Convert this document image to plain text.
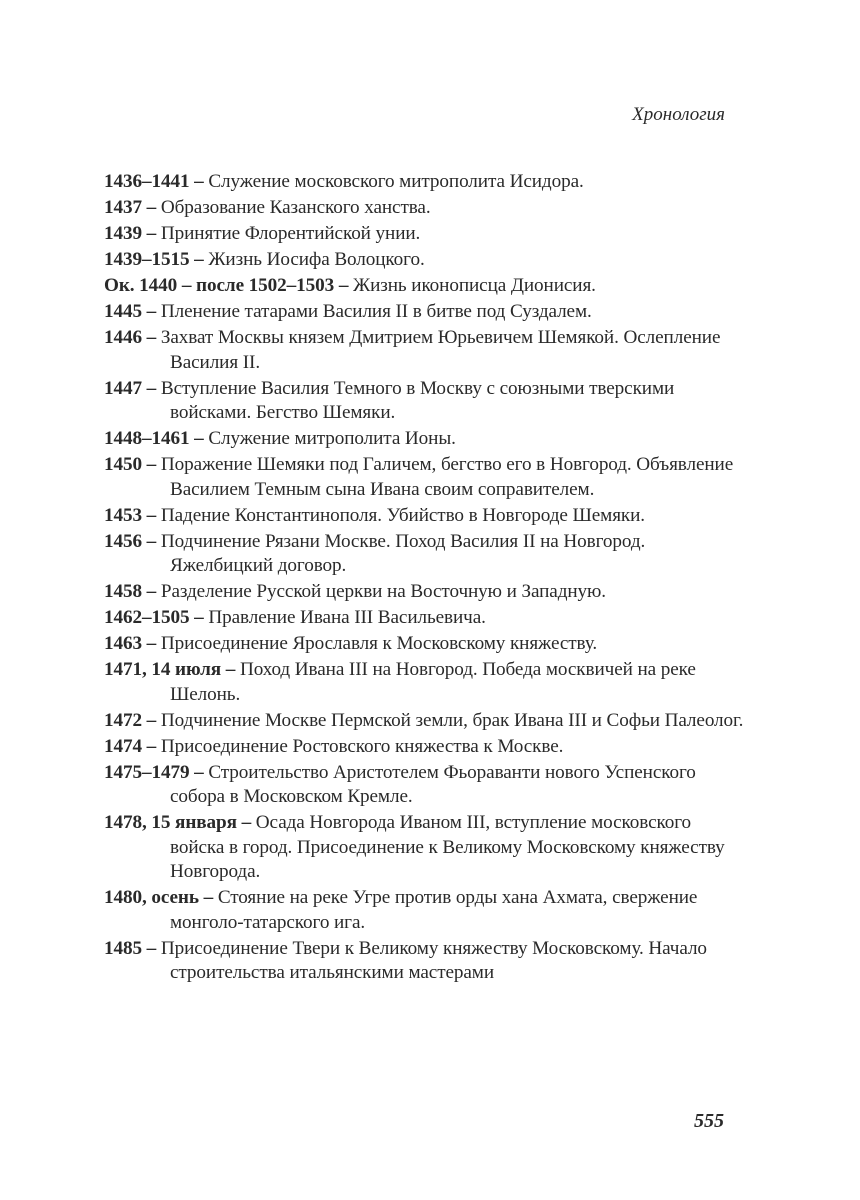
Хронология
1436–1441 – Служение московского митрополита Исидора.
1437 – Образование Казанского ханства.
1439 – Принятие Флорентийской унии.
1439–1515 – Жизнь Иосифа Волоцкого.
Ок. 1440 – после 1502–1503 – Жизнь иконописца Дионисия.
1445 – Пленение татарами Василия II в битве под Суздалем.
1446 – Захват Москвы князем Дмитрием Юрьевичем Шемякой. Ослепление Василия II.
1447 – Вступление Василия Темного в Москву с союзными тверскими войсками. Бегство Шемяки.
1448–1461 – Служение митрополита Ионы.
1450 – Поражение Шемяки под Галичем, бегство его в Новгород. Объявление Василием Темным сына Ивана своим соправителем.
1453 – Падение Константинополя. Убийство в Новгороде Шемяки.
1456 – Подчинение Рязани Москве. Поход Василия II на Новгород. Яжелбицкий договор.
1458 – Разделение Русской церкви на Восточную и Западную.
1462–1505 – Правление Ивана III Васильевича.
1463 – Присоединение Ярославля к Московскому княжеству.
1471, 14 июля – Поход Ивана III на Новгород. Победа москвичей на реке Шелонь.
1472 – Подчинение Москве Пермской земли, брак Ивана III и Софьи Палеолог.
1474 – Присоединение Ростовского княжества к Москве.
1475–1479 – Строительство Аристотелем Фьораванти нового Успенского собора в Московском Кремле.
1478, 15 января – Осада Новгорода Иваном III, вступление московского войска в город. Присоединение к Великому Московскому княжеству Новгорода.
1480, осень – Стояние на реке Угре против орды хана Ахмата, свержение монголо-татарского ига.
1485 – Присоединение Твери к Великому княжеству Московскому. Начало строительства итальянскими мастерами
555
